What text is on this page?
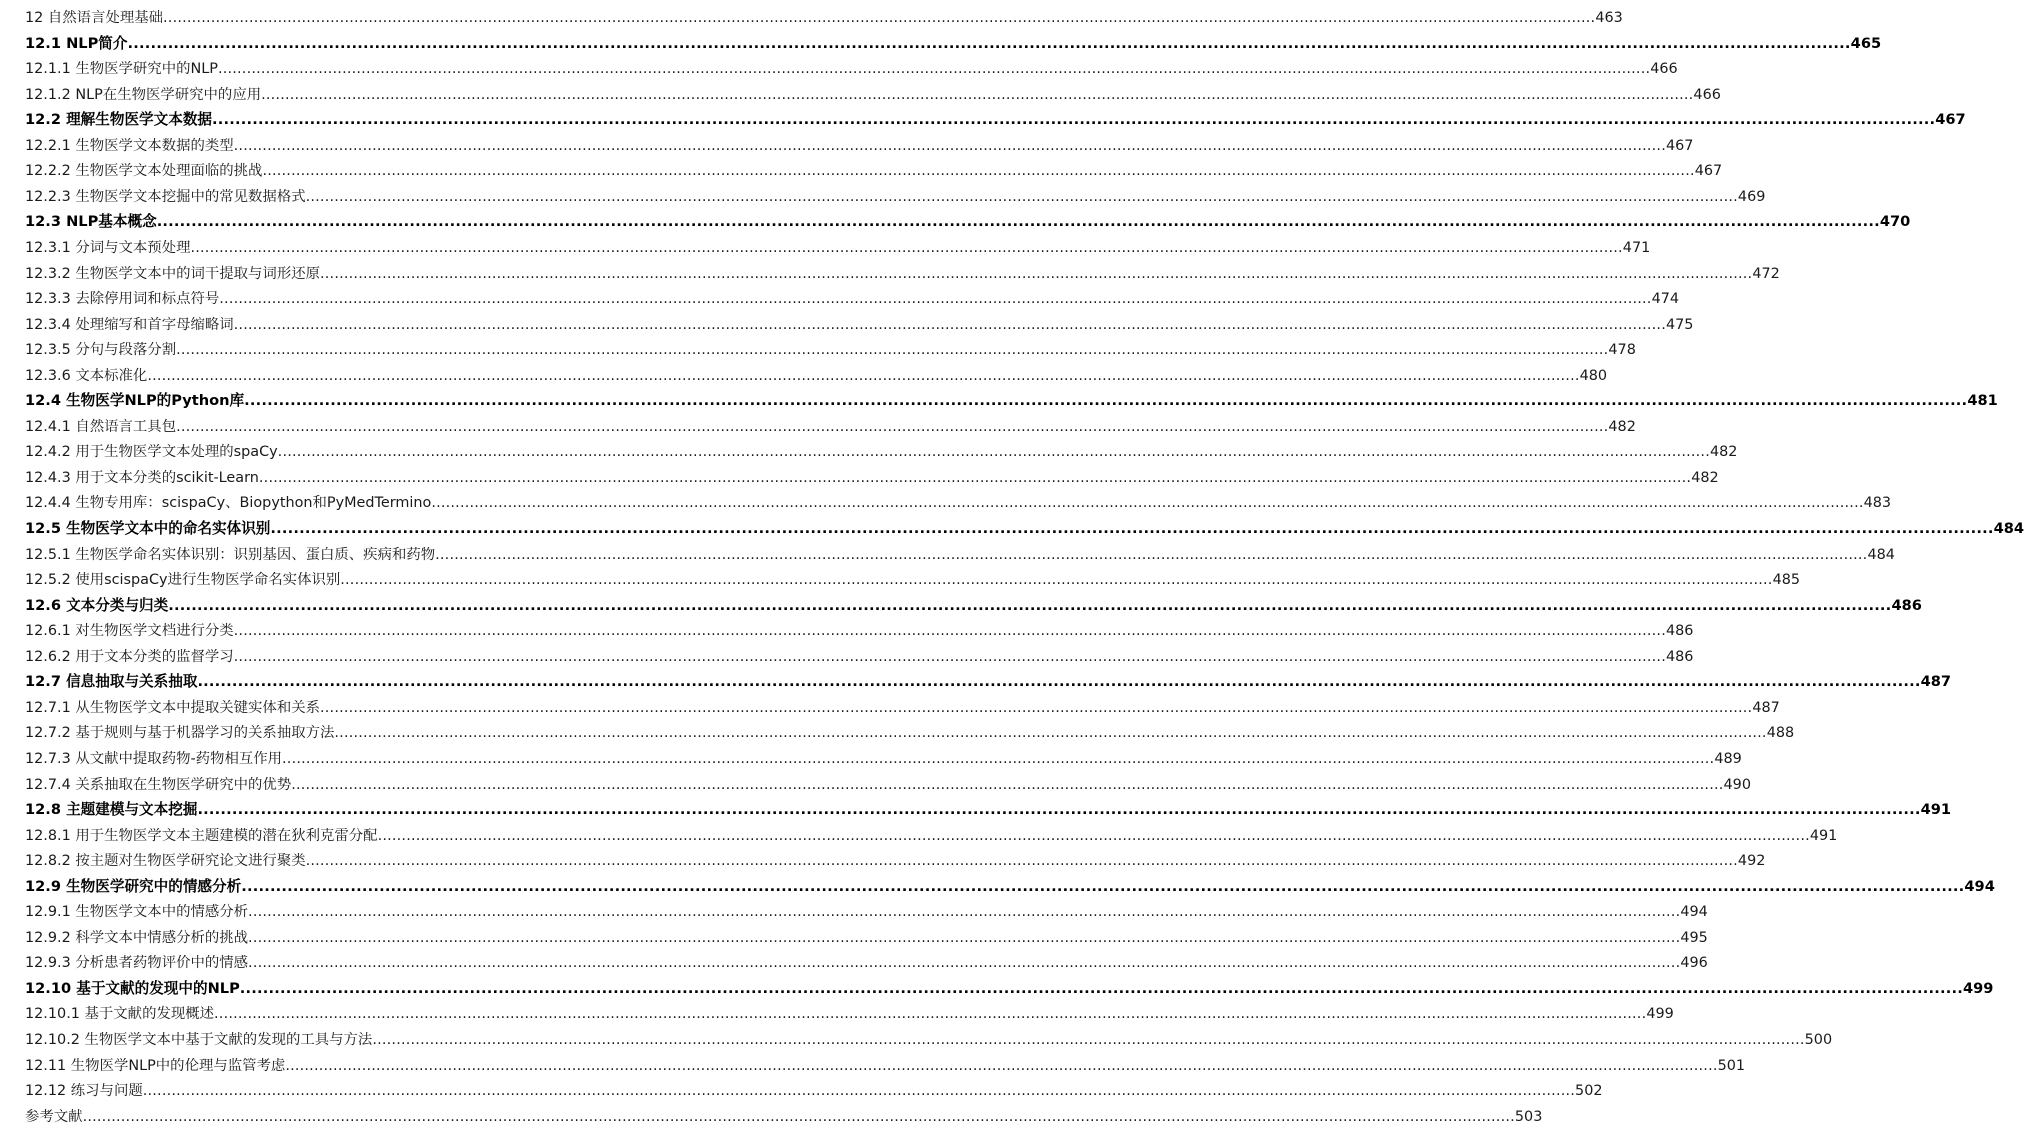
12 自然语言处理基础 ............................................................................................................................................................................................................................................................................................................ 463
12.1 NLP简介 ............................................................................................................................................................................................................................................................................................................ 465
12.1.1 生物医学研究中的NLP ............................................................................................................................................................................................................................................................................................................ 466
12.1.2 NLP在生物医学研究中的应用 ............................................................................................................................................................................................................................................................................................................ 466
12.2 理解生物医学文本数据 ............................................................................................................................................................................................................................................................................................................ 467
12.2.1 生物医学文本数据的类型 ............................................................................................................................................................................................................................................................................................................ 467
12.2.2 生物医学文本处理面临的挑战 ............................................................................................................................................................................................................................................................................................................ 467
12.2.3 生物医学文本挖掘中的常见数据格式 ............................................................................................................................................................................................................................................................................................................ 469
12.3 NLP基本概念 ............................................................................................................................................................................................................................................................................................................ 470
12.3.1 分词与文本预处理 ............................................................................................................................................................................................................................................................................................................ 471
12.3.2 生物医学文本中的词干提取与词形还原 ............................................................................................................................................................................................................................................................................................................ 472
12.3.3 去除停用词和标点符号 ............................................................................................................................................................................................................................................................................................................ 474
12.3.4 处理缩写和首字母缩略词 ............................................................................................................................................................................................................................................................................................................ 475
12.3.5 分句与段落分割 ............................................................................................................................................................................................................................................................................................................ 478
12.3.6 文本标准化 ............................................................................................................................................................................................................................................................................................................ 480
12.4 生物医学NLP的Python库 ............................................................................................................................................................................................................................................................................................................ 481
12.4.1 自然语言工具包 ............................................................................................................................................................................................................................................................................................................ 482
12.4.2 用于生物医学文本处理的spaCy ............................................................................................................................................................................................................................................................................................................ 482
12.4.3 用于文本分类的scikit-Learn ............................................................................................................................................................................................................................................................................................................ 482
12.4.4 生物专用库：scispaCy、Biopython和PyMedTermino ............................................................................................................................................................................................................................................................................................................ 483
12.5 生物医学文本中的命名实体识别 ............................................................................................................................................................................................................................................................................................................ 484
12.5.1 生物医学命名实体识别：识别基因、蛋白质、疾病和药物 ............................................................................................................................................................................................................................................................................................................ 484
12.5.2 使用scispaCy进行生物医学命名实体识别 ............................................................................................................................................................................................................................................................................................................ 485
12.6 文本分类与归类 ............................................................................................................................................................................................................................................................................................................ 486
12.6.1 对生物医学文档进行分类 ............................................................................................................................................................................................................................................................................................................ 486
12.6.2 用于文本分类的监督学习 ............................................................................................................................................................................................................................................................................................................ 486
12.7 信息抽取与关系抽取 ............................................................................................................................................................................................................................................................................................................ 487
12.7.1 从生物医学文本中提取关键实体和关系 ............................................................................................................................................................................................................................................................................................................ 487
12.7.2 基于规则与基于机器学习的关系抽取方法 ............................................................................................................................................................................................................................................................................................................ 488
12.7.3 从文献中提取药物-药物相互作用 ............................................................................................................................................................................................................................................................................................................ 489
12.7.4 关系抽取在生物医学研究中的优势 ............................................................................................................................................................................................................................................................................................................ 490
12.8 主题建模与文本挖掘 ............................................................................................................................................................................................................................................................................................................ 491
12.8.1 用于生物医学文本主题建模的潜在狄利克雷分配 ............................................................................................................................................................................................................................................................................................................ 491
12.8.2 按主题对生物医学研究论文进行聚类 ............................................................................................................................................................................................................................................................................................................ 492
12.9 生物医学研究中的情感分析 ............................................................................................................................................................................................................................................................................................................ 494
12.9.1 生物医学文本中的情感分析 ............................................................................................................................................................................................................................................................................................................ 494
12.9.2 科学文本中情感分析的挑战 ............................................................................................................................................................................................................................................................................................................ 495
12.9.3 分析患者药物评价中的情感 ............................................................................................................................................................................................................................................................................................................ 496
12.10 基于文献的发现中的NLP ............................................................................................................................................................................................................................................................................................................ 499
12.10.1 基于文献的发现概述 ............................................................................................................................................................................................................................................................................................................ 499
12.10.2 生物医学文本中基于文献的发现的工具与方法 ............................................................................................................................................................................................................................................................................................................ 500
12.11 生物医学NLP中的伦理与监管考虑 ............................................................................................................................................................................................................................................................................................................ 501
12.12 练习与问题 ............................................................................................................................................................................................................................................................................................................ 502
参考文献 ............................................................................................................................................................................................................................................................................................................ 503
